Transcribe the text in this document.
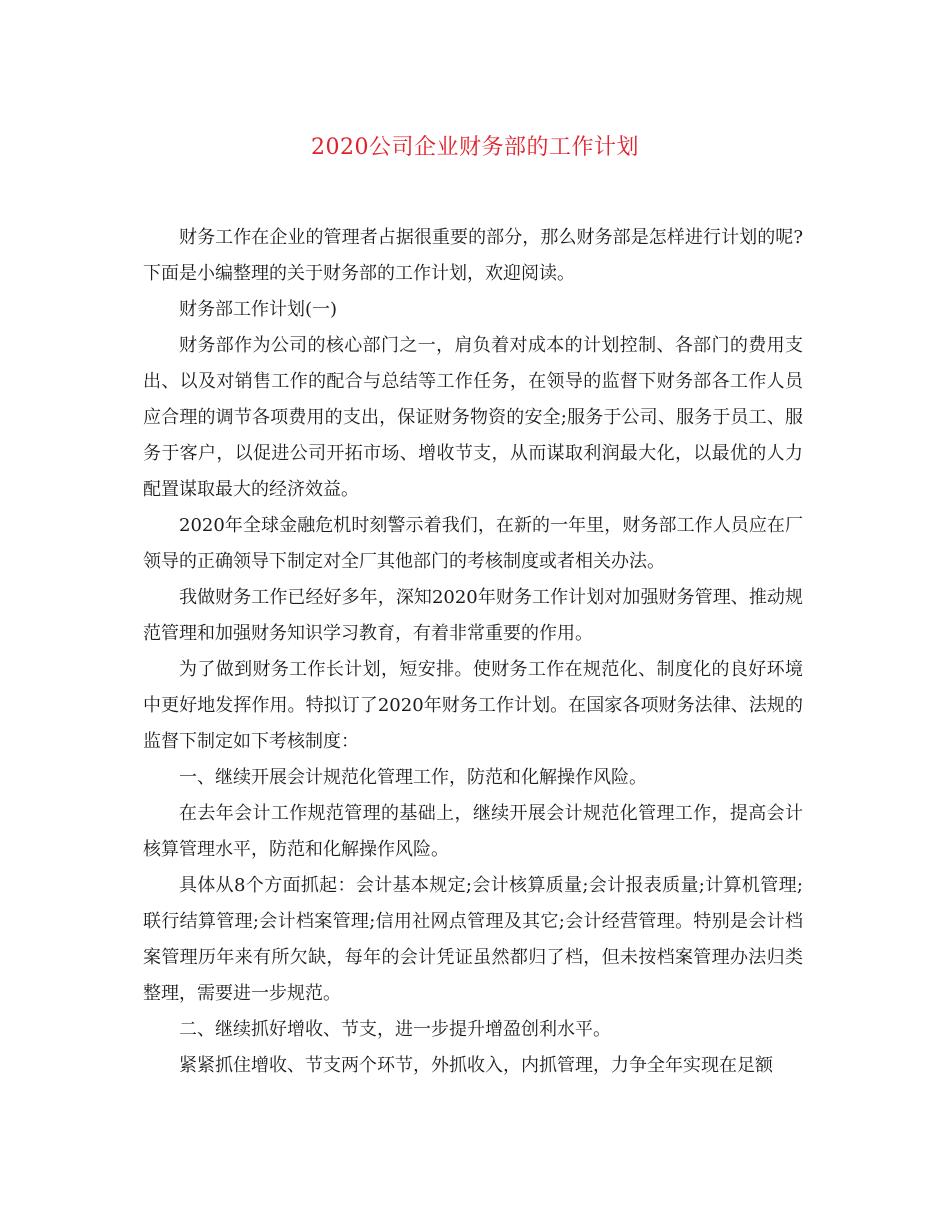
2020公司企业财务部的工作计划

财务工作在企业的管理者占据很重要的部分，那么财务部是怎样进行计划的呢?下面是小编整理的关于财务部的工作计划，欢迎阅读。

财务部工作计划(一)

财务部作为公司的核心部门之一，肩负着对成本的计划控制、各部门的费用支出、以及对销售工作的配合与总结等工作任务，在领导的监督下财务部各工作人员应合理的调节各项费用的支出，保证财务物资的安全;服务于公司、服务于员工、服务于客户，以促进公司开拓市场、增收节支，从而谋取利润最大化，以最优的人力配置谋取最大的经济效益。

2020年全球金融危机时刻警示着我们，在新的一年里，财务部工作人员应在厂领导的正确领导下制定对全厂其他部门的考核制度或者相关办法。

我做财务工作已经好多年，深知2020年财务工作计划对加强财务管理、推动规范管理和加强财务知识学习教育，有着非常重要的作用。

为了做到财务工作长计划，短安排。使财务工作在规范化、制度化的良好环境中更好地发挥作用。特拟订了2020年财务工作计划。在国家各项财务法律、法规的监督下制定如下考核制度：

一、继续开展会计规范化管理工作，防范和化解操作风险。

在去年会计工作规范管理的基础上，继续开展会计规范化管理工作，提高会计核算管理水平，防范和化解操作风险。

具体从8个方面抓起：会计基本规定;会计核算质量;会计报表质量;计算机管理;联行结算管理;会计档案管理;信用社网点管理及其它;会计经营管理。特别是会计档案管理历年来有所欠缺，每年的会计凭证虽然都归了档，但未按档案管理办法归类整理，需要进一步规范。

二、继续抓好增收、节支，进一步提升增盈创利水平。

紧紧抓住增收、节支两个环节，外抓收入，内抓管理，力争全年实现在足额
